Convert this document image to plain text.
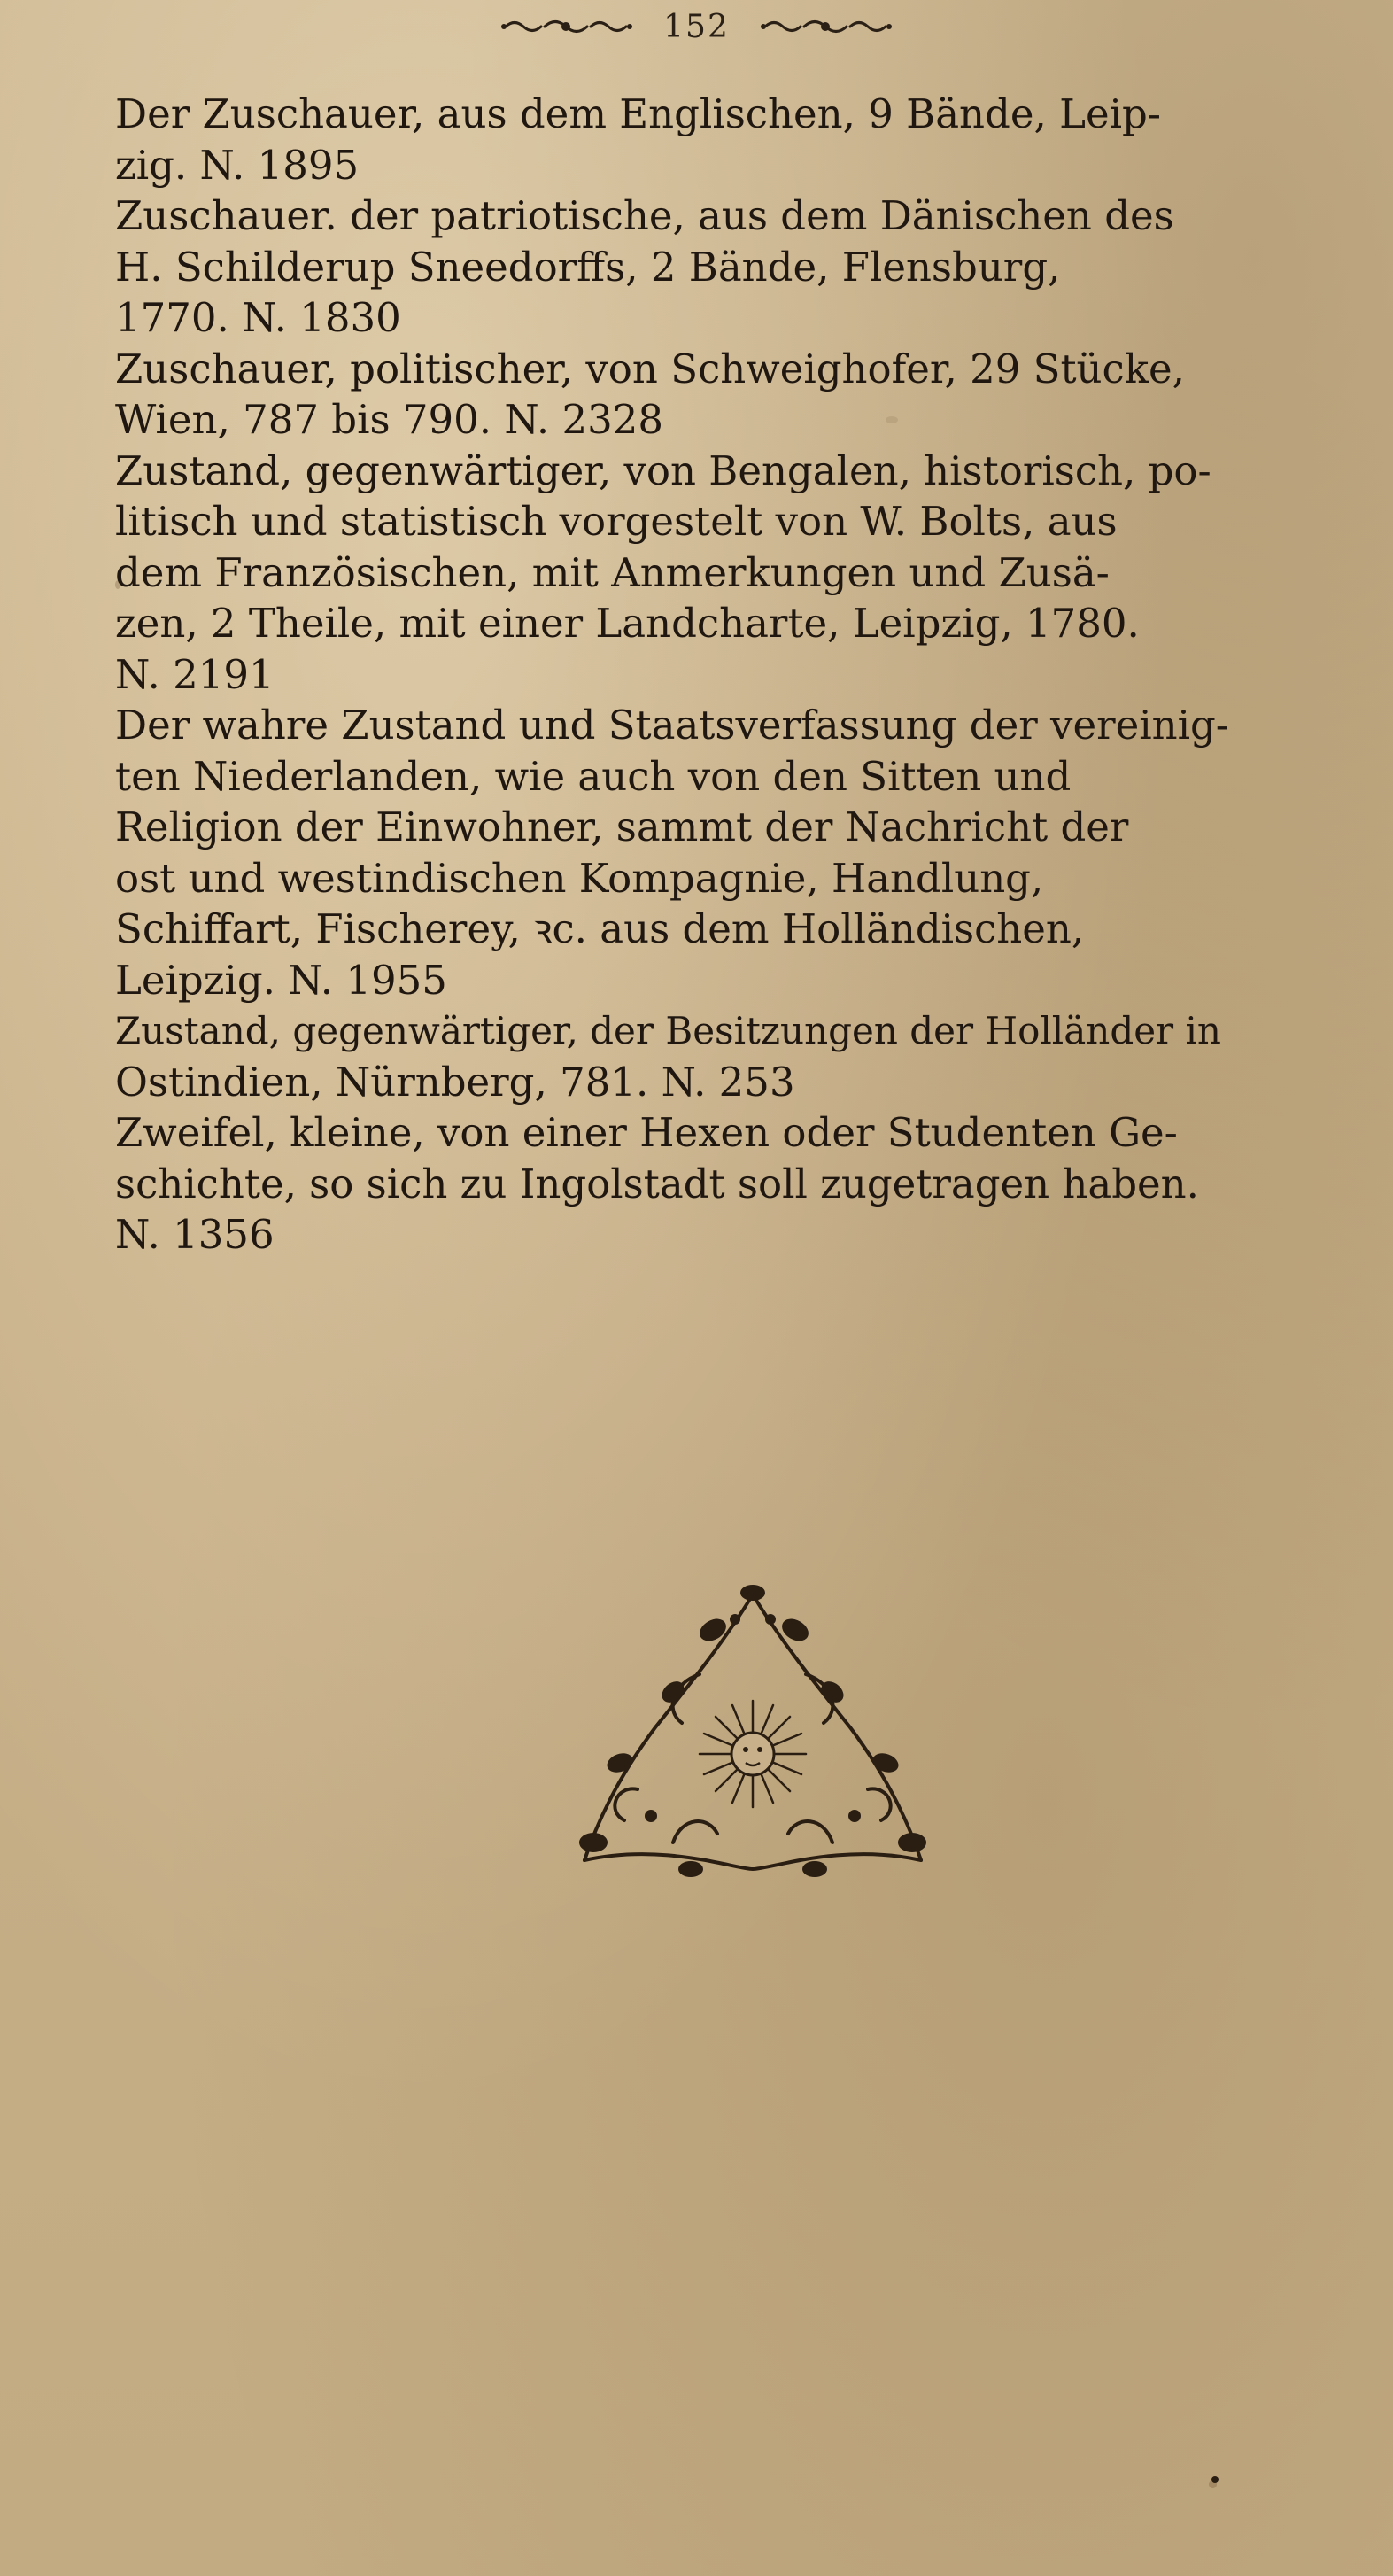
152
Der Zuschauer, aus dem Englischen, 9 Bände, Leip-
zig. N. 1895
Zuschauer. der patriotische, aus dem Dänischen des
H. Schilderup Sneedorffs, 2 Bände, Flensburg,
1770. N. 1830
Zuschauer, politischer, von Schweighofer, 29 Stücke,
Wien, 787 bis 790. N. 2328
Zustand, gegenwärtiger, von Bengalen, historisch, po-
litisch und statistisch vorgestelt von W. Bolts, aus
dem Französischen, mit Anmerkungen und Zusä-
zen, 2 Theile, mit einer Landcharte, Leipzig, 1780.
N. 2191
Der wahre Zustand und Staatsverfassung der vereinig-
ten Niederlanden, wie auch von den Sitten und
Religion der Einwohner, sammt der Nachricht der
ost und westindischen Kompagnie, Handlung,
Schiffart, Fischerey, ꝛc. aus dem Holländischen,
Leipzig. N. 1955
Zustand, gegenwärtiger, der Besitzungen der Holländer in
Ostindien, Nürnberg, 781. N. 253
Zweifel, kleine, von einer Hexen oder Studenten Ge-
schichte, so sich zu Ingolstadt soll zugetragen haben.
N. 1356
